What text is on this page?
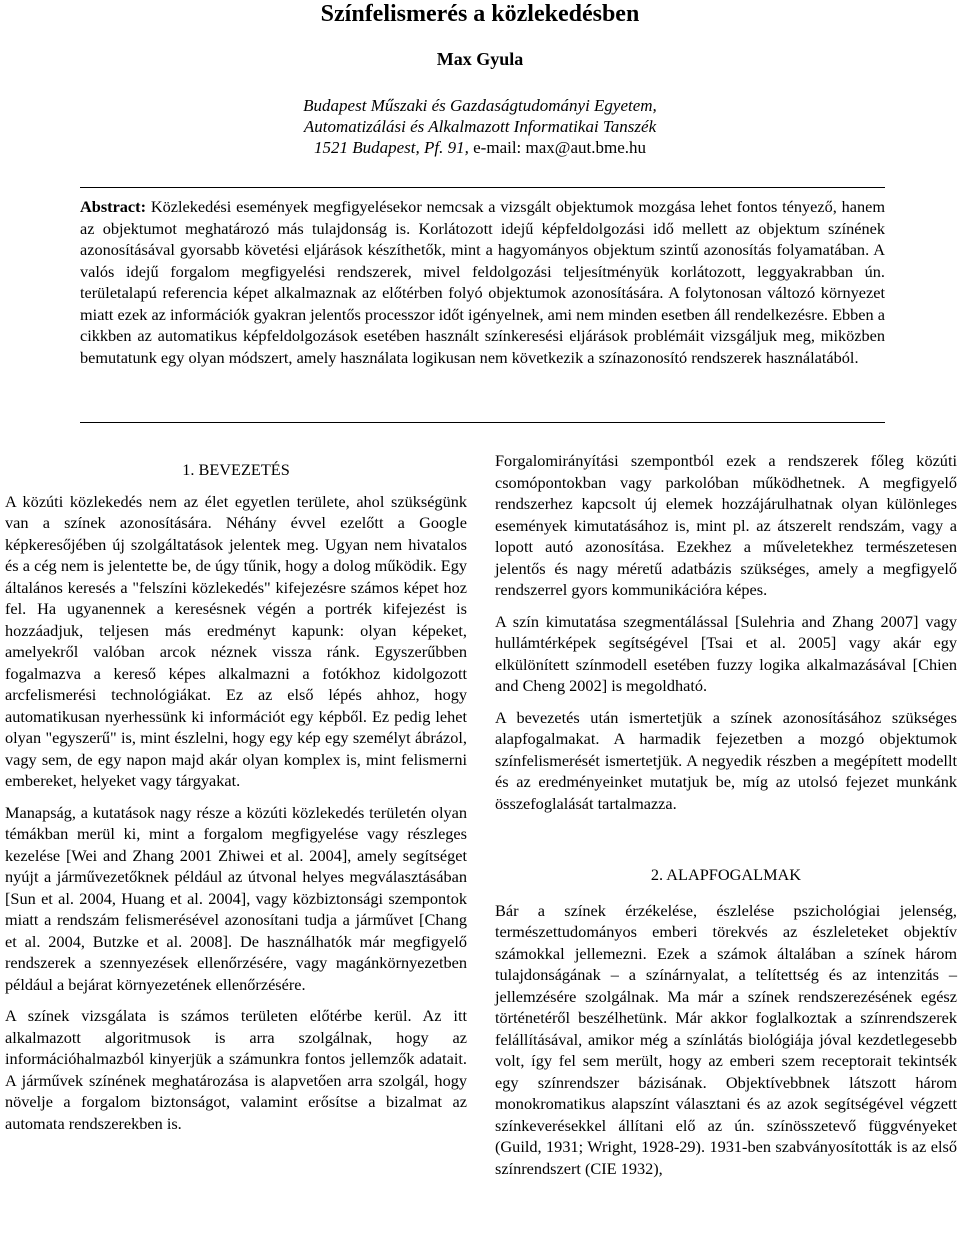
Színfelismerés a közlekedésben
Max Gyula
Budapest Műszaki és Gazdaságtudományi Egyetem,
Automatizálási és Alkalmazott Informatikai Tanszék
1521 Budapest, Pf. 91, e-mail: max@aut.bme.hu

Abstract: Közlekedési események megfigyelésekor nemcsak a vizsgált objektumok mozgása lehet fontos tényező, hanem az objektumot meghatározó más tulajdonság is. Korlátozott idejű képfeldolgozási idő mellett az objektum színének azonosításával gyorsabb követési eljárások készíthetők, mint a hagyományos objektum szintű azonosítás folyamatában. A valós idejű forgalom megfigyelési rendszerek, mivel feldolgozási teljesítményük korlátozott, leggyakrabban ún. területalapú referencia képet alkalmaznak az előtérben folyó objektumok azonosítására. A folytonosan változó környezet miatt ezek az információk gyakran jelentős processzor időt igényelnek, ami nem minden esetben áll rendelkezésre. Ebben a cikkben az automatikus képfeldolgozások esetében használt színkeresési eljárások problémáit vizsgáljuk meg, miközben bemutatunk egy olyan módszert, amely használata logikusan nem következik a színazonosító rendszerek használatából.

1. BEVEZETÉS

A közúti közlekedés nem az élet egyetlen területe, ahol szükségünk van a színek azonosítására. Néhány évvel ezelőtt a Google képkeresőjében új szolgáltatások jelentek meg. Ugyan nem hivatalos és a cég nem is jelentette be, de úgy tűnik, hogy a dolog működik. Egy általános keresés a "felszíni közlekedés" kifejezésre számos képet hoz fel. Ha ugyanennek a keresésnek végén a portrék kifejezést is hozzáadjuk, teljesen más eredményt kapunk: olyan képeket, amelyekről valóban arcok néznek vissza ránk. Egyszerűbben fogalmazva a kereső képes alkalmazni a fotókhoz kidolgozott arcfelismerési technológiákat. Ez az első lépés ahhoz, hogy automatikusan nyerhessünk ki információt egy képből. Ez pedig lehet olyan "egyszerű" is, mint észlelni, hogy egy kép egy személyt ábrázol, vagy sem, de egy napon majd akár olyan komplex is, mint felismerni embereket, helyeket vagy tárgyakat.

Manapság, a kutatások nagy része a közúti közlekedés területén olyan témákban merül ki, mint a forgalom megfigyelése vagy részleges kezelése [Wei and Zhang 2001 Zhiwei et al. 2004], amely segítséget nyújt a járművezetőknek például az útvonal helyes megválasztásában [Sun et al. 2004, Huang et al. 2004], vagy közbiztonsági szempontok miatt a rendszám felismerésével azonosítani tudja a járművet [Chang et al. 2004, Butzke et al. 2008]. De használhatók már megfigyelő rendszerek a szennyezések ellenőrzésére, vagy magánkörnyezetben például a bejárat környezetének ellenőrzésére.

A színek vizsgálata is számos területen előtérbe kerül. Az itt alkalmazott algoritmusok is arra szolgálnak, hogy az információhalmazból kinyerjük a számunkra fontos jellemzők adatait. A járművek színének meghatározása is alapvetően arra szolgál, hogy növelje a forgalom biztonságot, valamint erősítse a bizalmat az automata rendszerekben is.

Forgalomirányítási szempontból ezek a rendszerek főleg közúti csomópontokban vagy parkolóban működhetnek. A megfigyelő rendszerhez kapcsolt új elemek hozzájárulhatnak olyan különleges események kimutatásához is, mint pl. az átszerelt rendszám, vagy a lopott autó azonosítása. Ezekhez a műveletekhez természetesen jelentős és nagy méretű adatbázis szükséges, amely a megfigyelő rendszerrel gyors kommunikációra képes.

A szín kimutatása szegmentálással [Sulehria and Zhang 2007] vagy hullámtérképek segítségével [Tsai et al. 2005] vagy akár egy elkülönített színmodell esetében fuzzy logika alkalmazásával [Chien and Cheng 2002] is megoldható.

A bevezetés után ismertetjük a színek azonosításához szükséges alapfogalmakat. A harmadik fejezetben a mozgó objektumok színfelismerését ismertetjük. A negyedik részben a megépített modellt és az eredményeinket mutatjuk be, míg az utolsó fejezet munkánk összefoglalását tartalmazza.

2. ALAPFOGALMAK

Bár a színek érzékelése, észlelése pszichológiai jelenség, természettudományos emberi törekvés az észleleteket objektív számokkal jellemezni. Ezek a számok általában a színek három tulajdonságának – a színárnyalat, a telítettség és az intenzitás – jellemzésére szolgálnak. Ma már a színek rendszerezésének egész történetéről beszélhetünk. Már akkor foglalkoztak a színrendszerek felállításával, amikor még a színlátás biológiája jóval kezdetlegesebb volt, így fel sem merült, hogy az emberi szem receptorait tekintsék egy színrendszer bázisának. Objektívebbnek látszott három monokromatikus alapszínt választani és az azok segítségével végzett színkeverésekkel állítani elő az ún. színösszetevő függvényeket (Guild, 1931; Wright, 1928-29). 1931-ben szabványosították is az első színrendszert (CIE 1932),
